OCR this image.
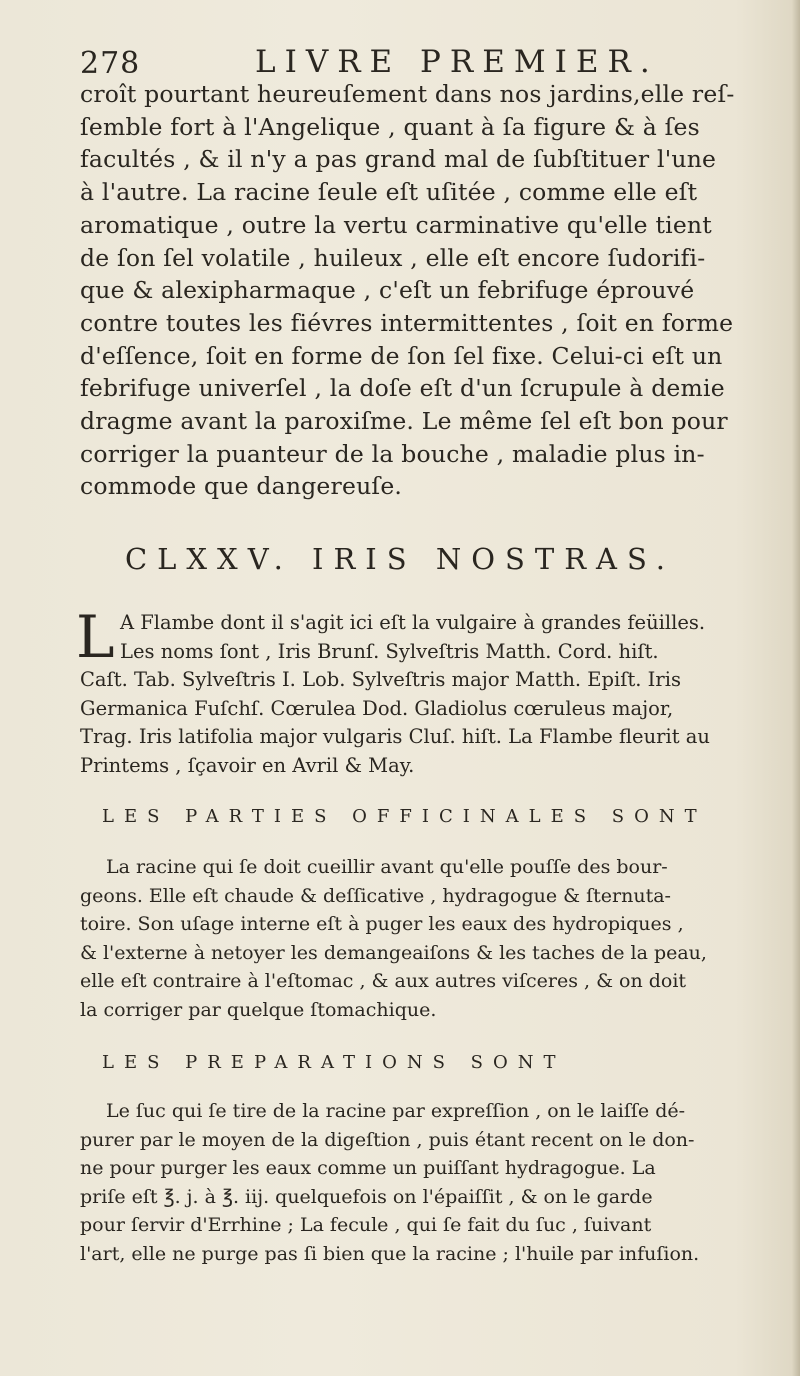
278	LIVRE PREMIER.
croît pourtant heureuſement dans nos jardins,elle reſ-
ſemble fort à l'Angelique , quant à ſa figure & à ſes
facultés , & il n'y a pas grand mal de ſubſtituer l'une
à l'autre. La racine ſeule eſt uſitée , comme elle eſt
aromatique , outre la vertu carminative qu'elle tient
de ſon ſel volatile , huileux , elle eſt encore ſudorifi-
que & alexipharmaque , c'eſt un febrifuge éprouvé
contre toutes les fiévres intermittentes , ſoit en forme
d'eſſence, ſoit en forme de ſon ſel fixe. Celui-ci eſt un
febrifuge univerſel , la doſe eſt d'un ſcrupule à demie
dragme avant la paroxiſme. Le même ſel eſt bon pour
corriger la puanteur de la bouche , maladie plus in-
commode que dangereuſe.
CLXXV. IRIS NOSTRAS.
L A Flambe dont il s'agit ici eſt la vulgaire à grandes feüilles.
Les noms ſont , Iris Brunſ. Sylveſtris Matth. Cord. hiſt.
Caſt. Tab. Sylveſtris I. Lob. Sylveſtris major Matth. Epiſt. Iris
Germanica Fuſchſ. Cœrulea Dod. Gladiolus cœruleus major,
Trag. Iris latifolia major vulgaris Cluſ. hiſt. La Flambe fleurit au
Printems , ſçavoir en Avril & May.
LES PARTIES OFFICINALES SONT
La racine qui ſe doit cueillir avant qu'elle pouſſe des bour-
geons. Elle eſt chaude & deſſicative , hydragogue & ſternuta-
toire. Son uſage interne eſt à puger les eaux des hydropiques ,
& l'externe à netoyer les demangeaiſons & les taches de la peau,
elle eſt contraire à l'eſtomac , & aux autres viſceres , & on doit
la corriger par quelque ſtomachique.
LES PREPARATIONS SONT
Le ſuc qui ſe tire de la racine par expreſſion , on le laiſſe dé-
purer par le moyen de la digeſtion , puis étant recent on le don-
ne pour purger les eaux comme un puiſſant hydragogue. La
priſe eſt ℥. j. à ℥. iij. quelquefois on l'épaiſſit , & on le garde
pour ſervir d'Errhine ; La fecule , qui ſe fait du ſuc , ſuivant
l'art, elle ne purge pas ſi bien que la racine ; l'huile par infuſion.
